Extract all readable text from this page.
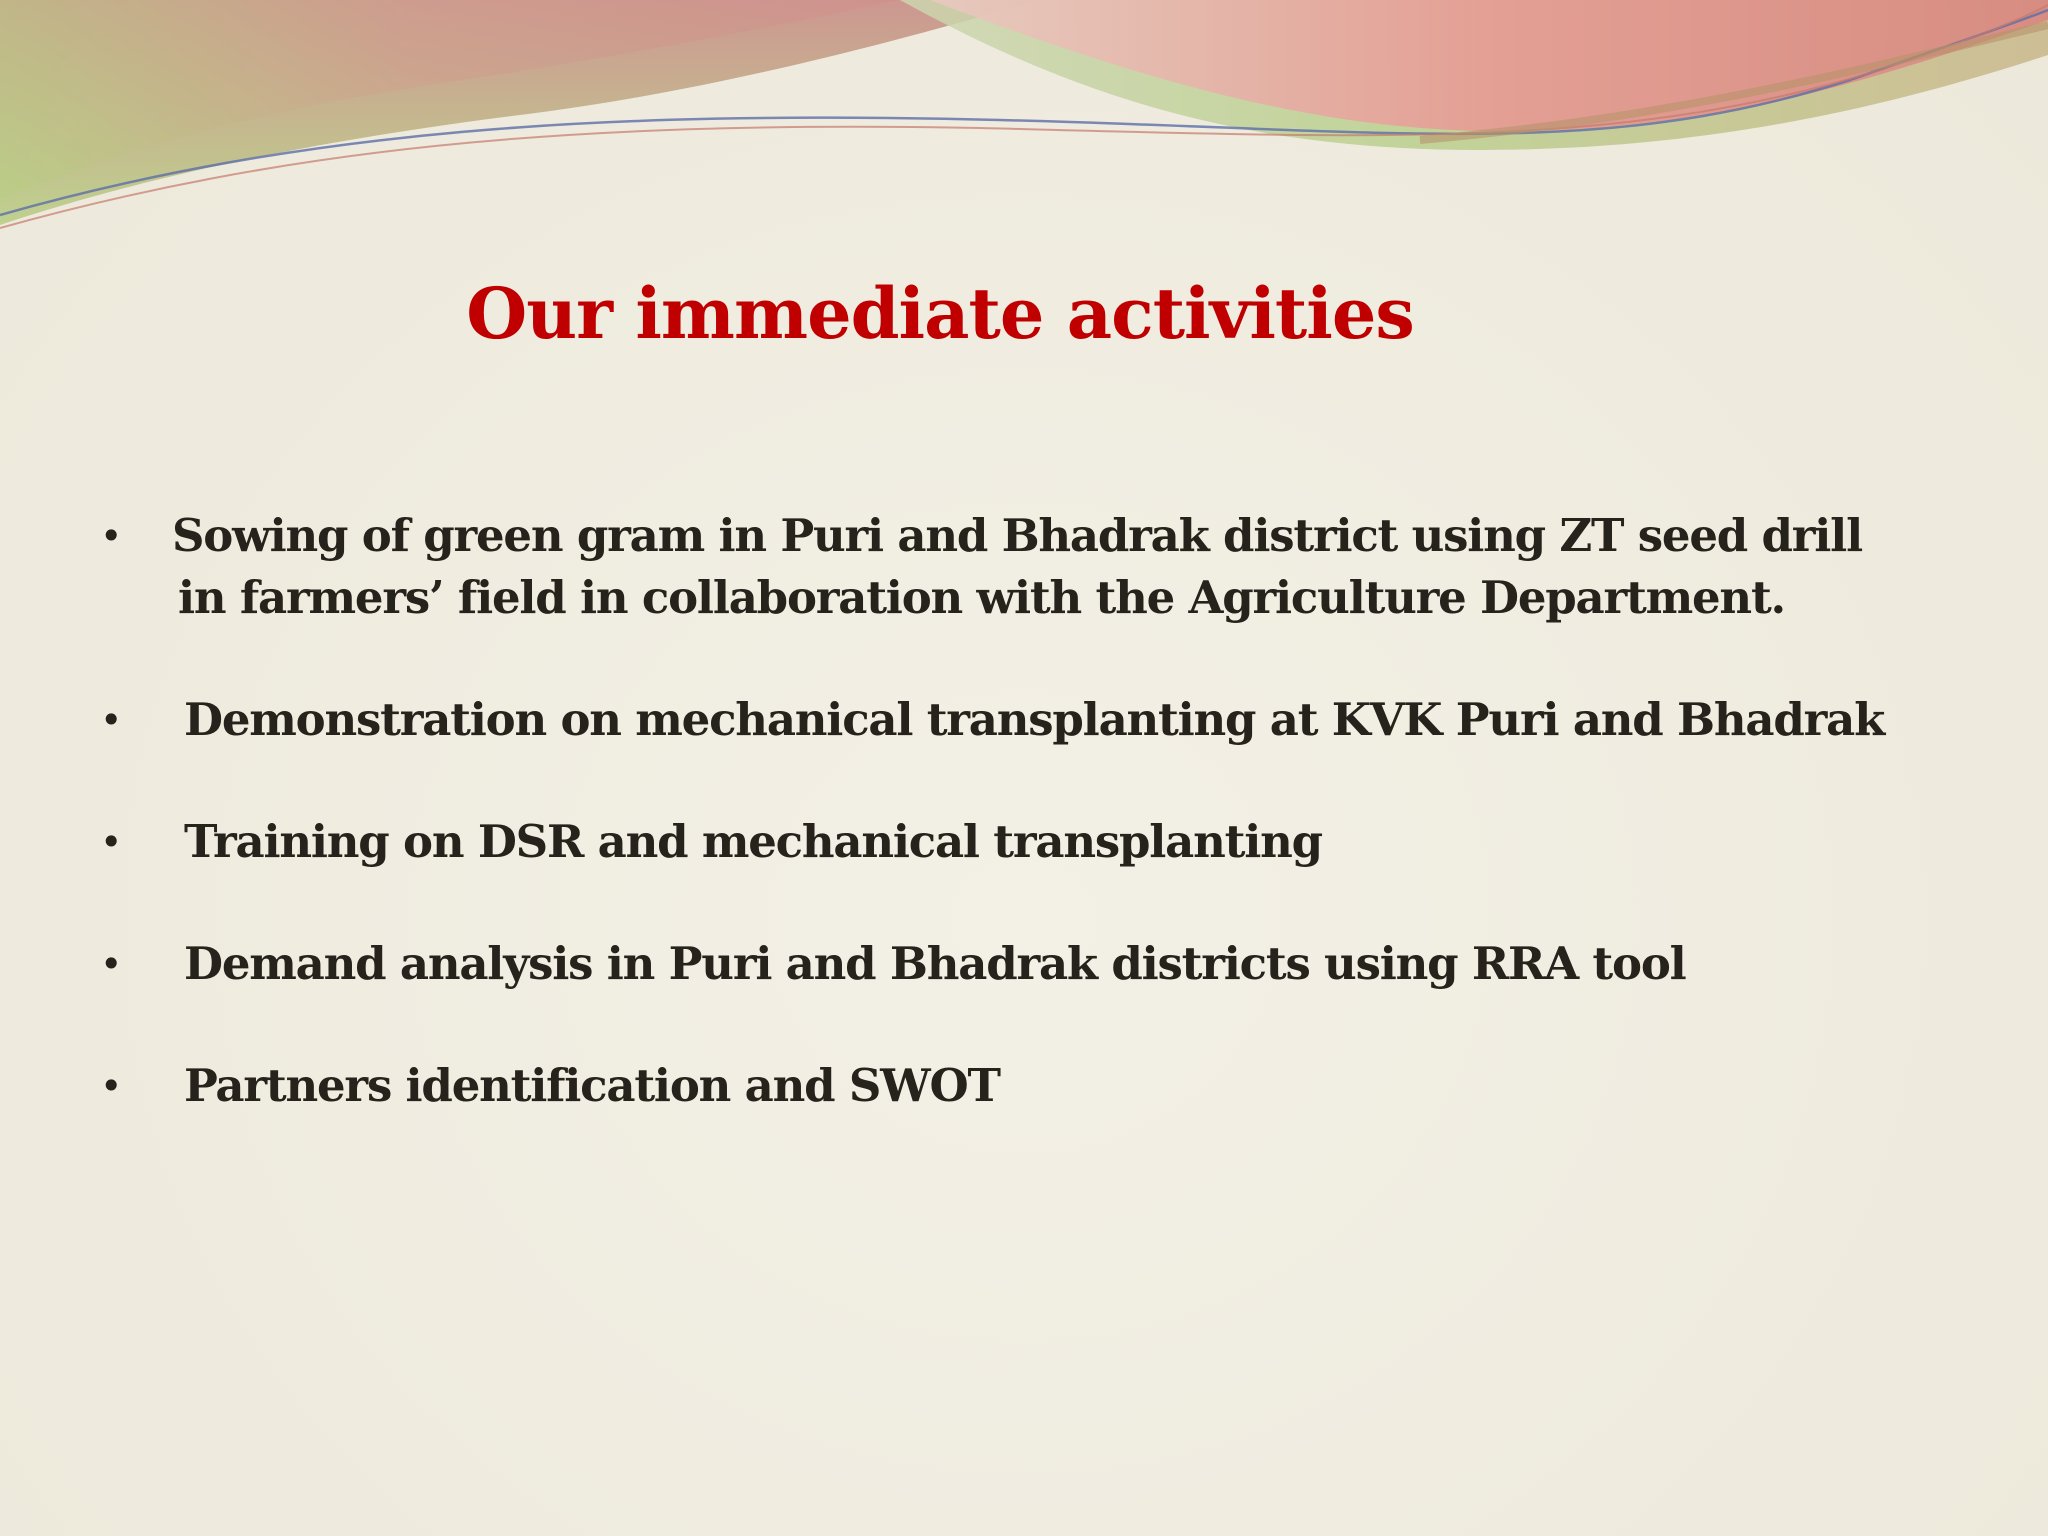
Our immediate activities
•	Sowing of green gram in Puri and Bhadrak district using ZT seed drill
in farmers’ field in collaboration with the Agriculture Department.
•	Demonstration on mechanical transplanting at KVK Puri and Bhadrak
•	Training on DSR and mechanical transplanting
•	Demand analysis in Puri and Bhadrak districts using RRA tool
•	Partners identification and SWOT
